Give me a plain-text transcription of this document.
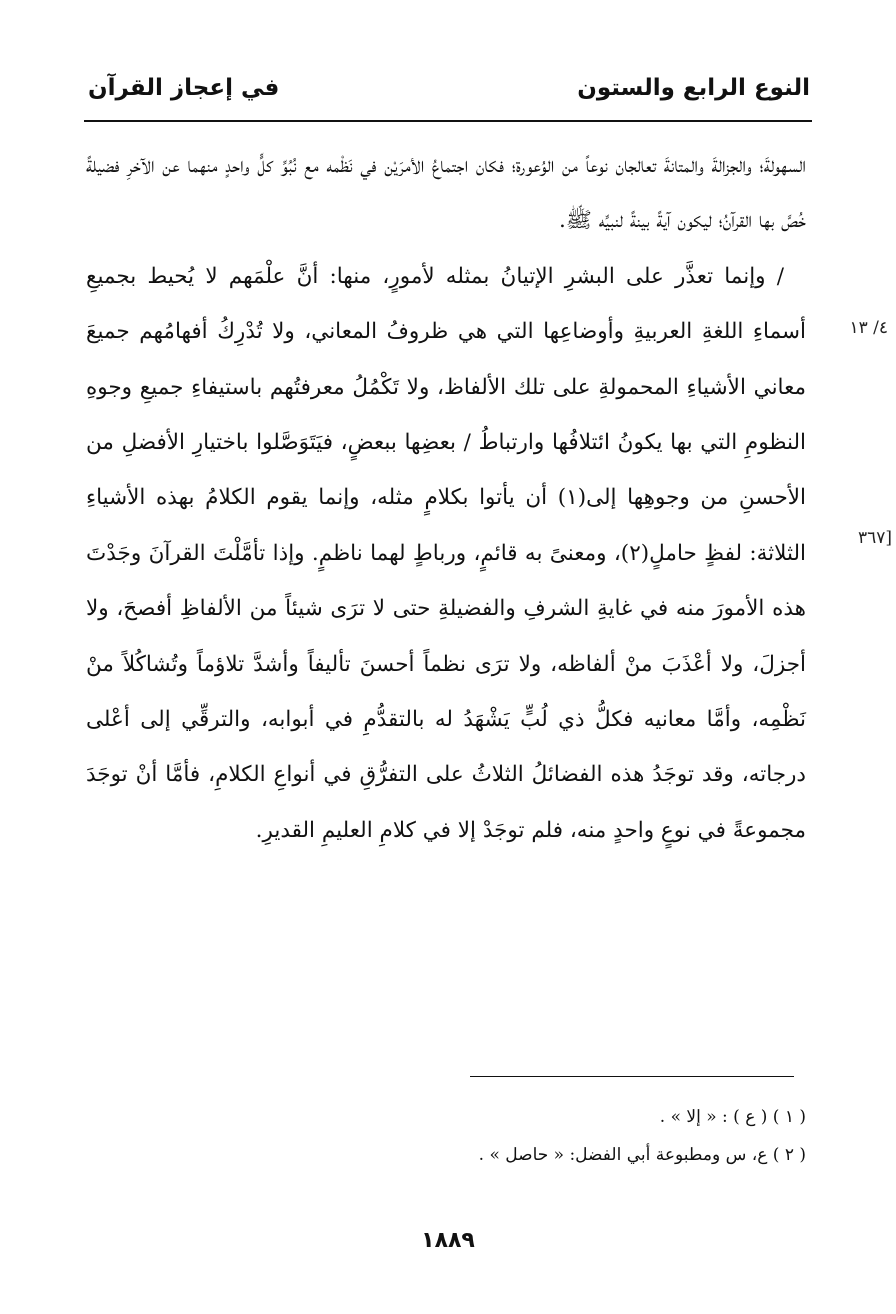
النوع الرابع والستون
في إعجاز القرآن
٤/ ١٣
[٣٦٧

السهولةَ؛ والجزالةَ والمتانةَ تعالجان نوعاً من الوُعورة؛ فكان اجتماعُ الأمرَيْن في نَظْمه مع نُبُوِّ كلٍّ واحدٍ منهما عن الآخرِ فضيلةً خُصَّ بها القرآنُ؛ ليكون آيةً بينةً لنبيِّه ﷺ.

/ وإنما تعذَّر على البشرِ الإتيانُ بمثله لأمورٍ، منها: أنَّ علْمَهم لا يُحيط بجميعِ أسماءِ اللغةِ العربيةِ وأوضاعِها التي هي ظروفُ المعاني، ولا تُدْرِكُ أفهامُهم جميعَ معاني الأشياءِ المحمولةِ على تلك الألفاظ، ولا تَكْمُلُ معرفتُهم باستيفاءِ جميعِ وجوهِ النظومِ التي بها يكونُ ائتلافُها وارتباطُ / بعضِها ببعضٍ، فيَتَوَصَّلوا باختيارِ الأفضلِ من الأحسنِ من وجوهِها إلى(١) أن يأتوا بكلامٍ مثله، وإنما يقوم الكلامُ بهذه الأشياءِ الثلاثة: لفظٍ حاملٍ(٢)، ومعنىً به قائمٍ، ورباطٍ لهما ناظمٍ. وإذا تأمَّلْتَ القرآنَ وجَدْتَ هذه الأمورَ منه في غايةِ الشرفِ والفضيلةِ حتى لا ترَى شيئاً من الألفاظِ أفصحَ، ولا أجزلَ، ولا أعْذَبَ منْ ألفاظه، ولا ترَى نظماً أحسنَ تأليفاً وأشدَّ تلاؤماً وتُشاكُلاً منْ نَظْمِه، وأمَّا معانيه فكلُّ ذي لُبٍّ يَشْهَدُ له بالتقدُّمِ في أبوابه، والترقِّي إلى أعْلى درجاته، وقد توجَدُ هذه الفضائلُ الثلاثُ على التفرُّقِ في أنواعِ الكلامِ، فأمَّا أنْ توجَدَ مجموعةً في نوعٍ واحدٍ منه، فلم توجَدْ إلا في كلامِ العليمِ القديرِ.

( ١ ) ( ع ) : « إلا » .

( ٢ ) ع، س ومطبوعة أبي الفضل: « حاصل » .

١٨٨٩
